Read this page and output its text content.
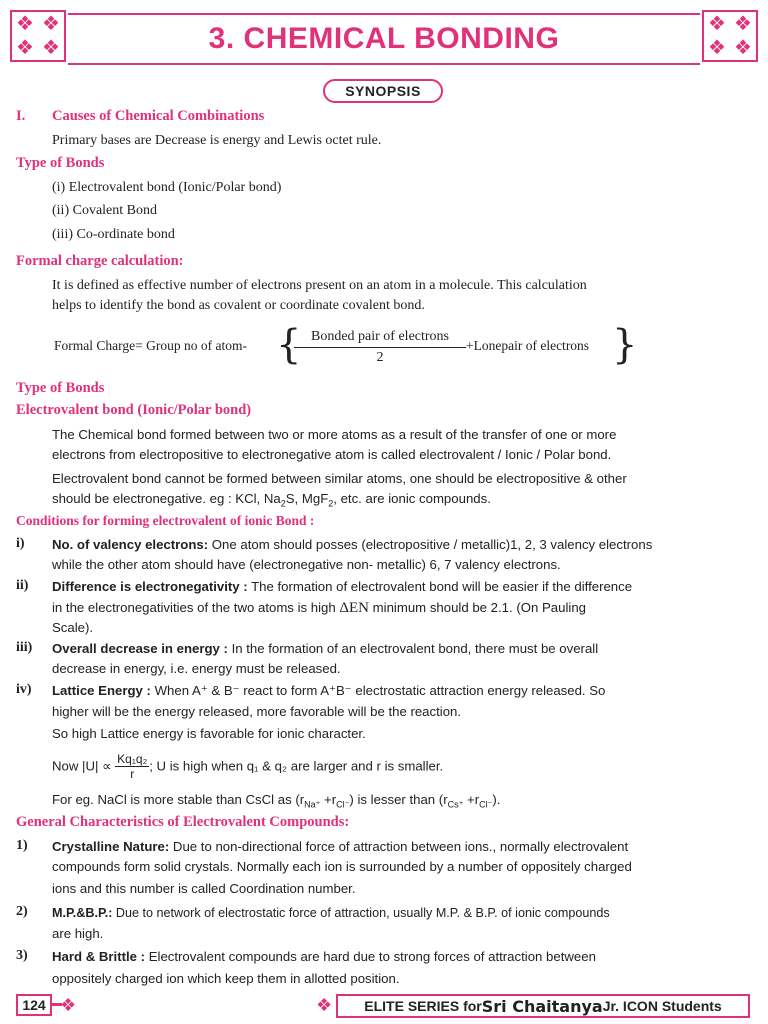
❖ ❖
❖ ❖	3. CHEMICAL BONDING	❖ ❖
❖ ❖
SYNOPSIS
I. Causes of Chemical Combinations
Primary bases are Decrease is energy and Lewis octet rule.
Type of Bonds
(i) Electrovalent bond (Ionic/Polar bond)
(ii) Covalent Bond
(iii) Co-ordinate bond
Formal charge calculation:
It is defined as effective number of electrons present on an atom in a molecule. This calculation
helps to identify the bond as covalent or coordinate covalent bond.
Formal Charge= Group no of atom- { Bonded pair of electrons
2
+Lonepair of electrons }
Type of Bonds
Electrovalent bond (Ionic/Polar bond)
The Chemical bond formed between two or more atoms as a result of the transfer of one or more
electrons from electropositive to electronegative atom is called electrovalent / Ionic / Polar bond.
Electrovalent bond cannot be formed between similar atoms, one should be electropositive & other
should be electronegative. eg : KCl, $Na_2S$, MgF$_2$, etc. are ionic compounds.
Conditions for forming electrovalent of ionic Bond :
i) No. of valency electrons: One atom should posses (electropositive / metallic)1, 2, 3 valency electrons
while the other atom should have (electronegative non- metallic) 6, 7 valency electrons.
ii) Difference is electronegativity : The formation of electrovalent bond will be easier if the difference
in the electronegativities of the two atoms is high ΔEN minimum should be 2.1. (On Pauling
Scale).
iii) Overall decrease in energy : In the formation of an electrovalent bond, there must be overall
decrease in energy, i.e. energy must be released.
iv) Lattice Energy : When A⁺ & B⁻ react to form A⁺B⁻ electrostatic attraction energy released. So
higher will be the energy released, more favorable will be the reaction.
So high Lattice energy is favorable for ionic character.
Now $|U| \propto \frac{\text{Kq₁q₂}}{r}$ ; U is high when q₁ & q₂ are larger and r is smaller.
For eg. NaCl is more stable than CsCl as $(r_{Na^+} +r_{Cl^-})$ is lesser than $(r_{Cs^+} +r_{Cl^-})$.
General Characteristics of Electrovalent Compounds:
1) Crystalline Nature: Due to non-directional force of attraction between ions., normally electrovalent
compounds form solid crystals. Normally each ion is surrounded by a number of oppositely charged
ions and this number is called Coordination number.
2) M.P.&B.P.: Due to network of electrostatic force of attraction, usually M.P. & B.P. of ionic compounds
are high.
3) Hard & Brittle : Electrovalent compounds are hard due to strong forces of attraction between
oppositely charged ion which keep them in allotted position.
124 ❖	❖ ELITE SERIES for Sri Chaitanya Jr. ICON Students
